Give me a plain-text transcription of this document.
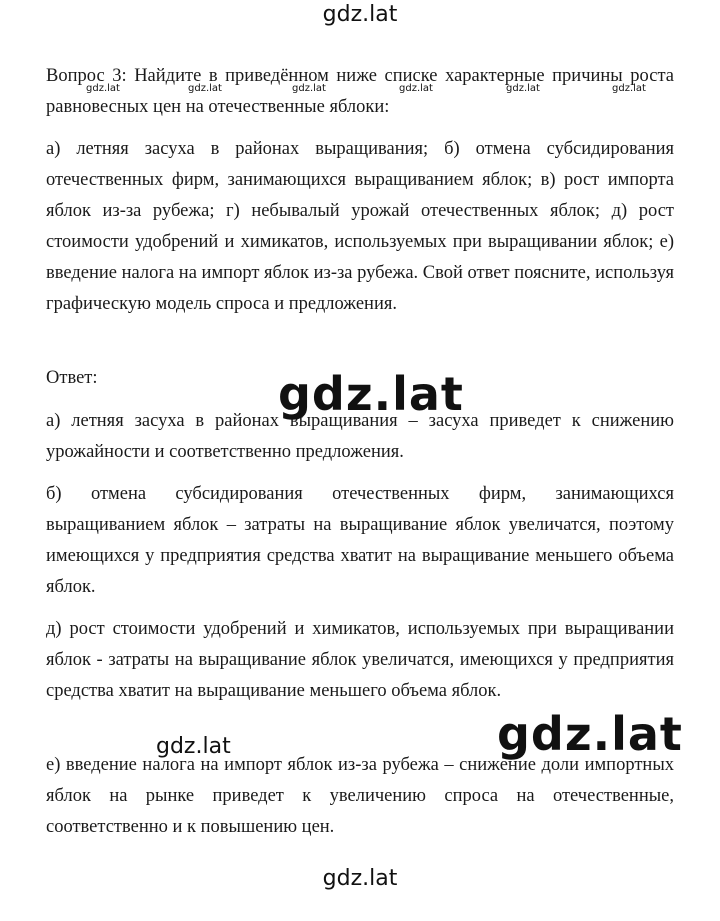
gdz.lat
gdz.lat	gdz.lat	gdz.lat	gdz.lat	gdz.lat	gdz.lat

Вопрос 3: Найдите в приведённом ниже списке характерные причины роста равновесных цен на отечественные яблоки:

а) летняя засуха в районах выращивания; б) отмена субсидирования отечественных фирм, занимающихся выращиванием яблок; в) рост импорта яблок из-за рубежа; г) небывалый урожай отечественных яблок; д) рост стоимости удобрений и химикатов, используемых при выращивании яблок; е) введение налога на импорт яблок из-за рубежа. Свой ответ поясните, используя графическую модель спроса и предложения.

Ответ:

а) летняя засуха в районах выращивания – засуха приведет к снижению урожайности и соответственно предложения.

б) отмена субсидирования отечественных фирм, занимающихся выращиванием яблок – затраты на выращивание яблок увеличатся, поэтому имеющихся у предприятия средства хватит на выращивание меньшего объема яблок.

д) рост стоимости удобрений и химикатов, используемых при выращивании яблок - затраты на выращивание яблок увеличатся, имеющихся у предприятия средства хватит на выращивание меньшего объема яблок.

е) введение налога на импорт яблок из-за рубежа – снижение доли импортных яблок на рынке приведет к увеличению спроса на отечественные, соответственно и к повышению цен.

gdz.lat
gdz.lat
gdz.lat
gdz.lat
